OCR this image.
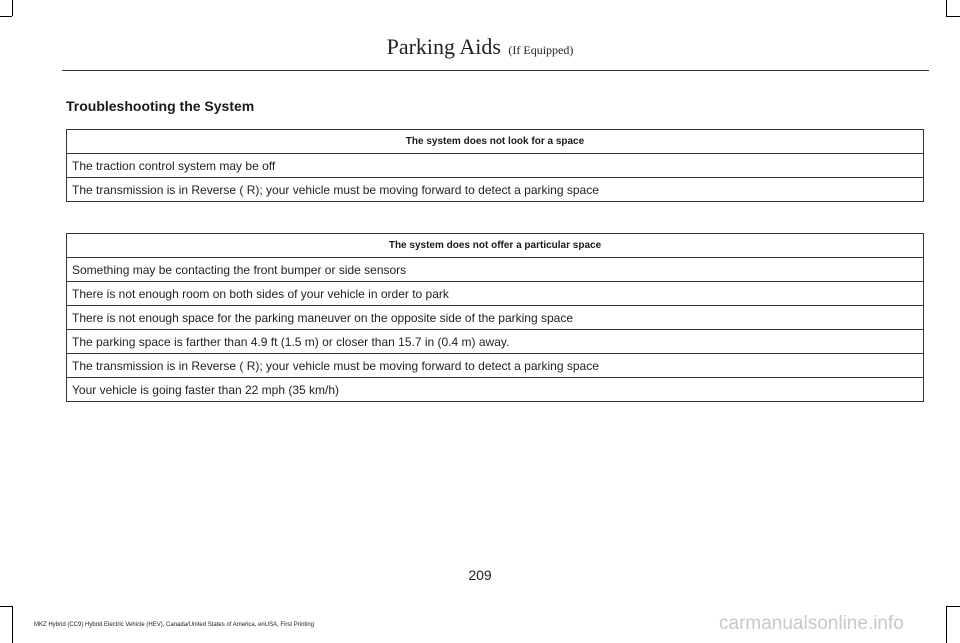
Parking Aids (If Equipped)
Troubleshooting the System
The system does not look for a space
The traction control system may be off
The transmission is in Reverse ( R); your vehicle must be moving forward to detect a parking space
The system does not offer a particular space
Something may be contacting the front bumper or side sensors
There is not enough room on both sides of your vehicle in order to park
There is not enough space for the parking maneuver on the opposite side of the parking space
The parking space is farther than 4.9 ft (1.5 m) or closer than 15.7 in (0.4 m) away.
The transmission is in Reverse ( R); your vehicle must be moving forward to detect a parking space
Your vehicle is going faster than 22 mph (35 km/h)
209
MKZ Hybrid (CC9) Hybrid Electric Vehicle (HEV), Canada/United States of America, enUSA, First Printing	carmanualsonline.info
